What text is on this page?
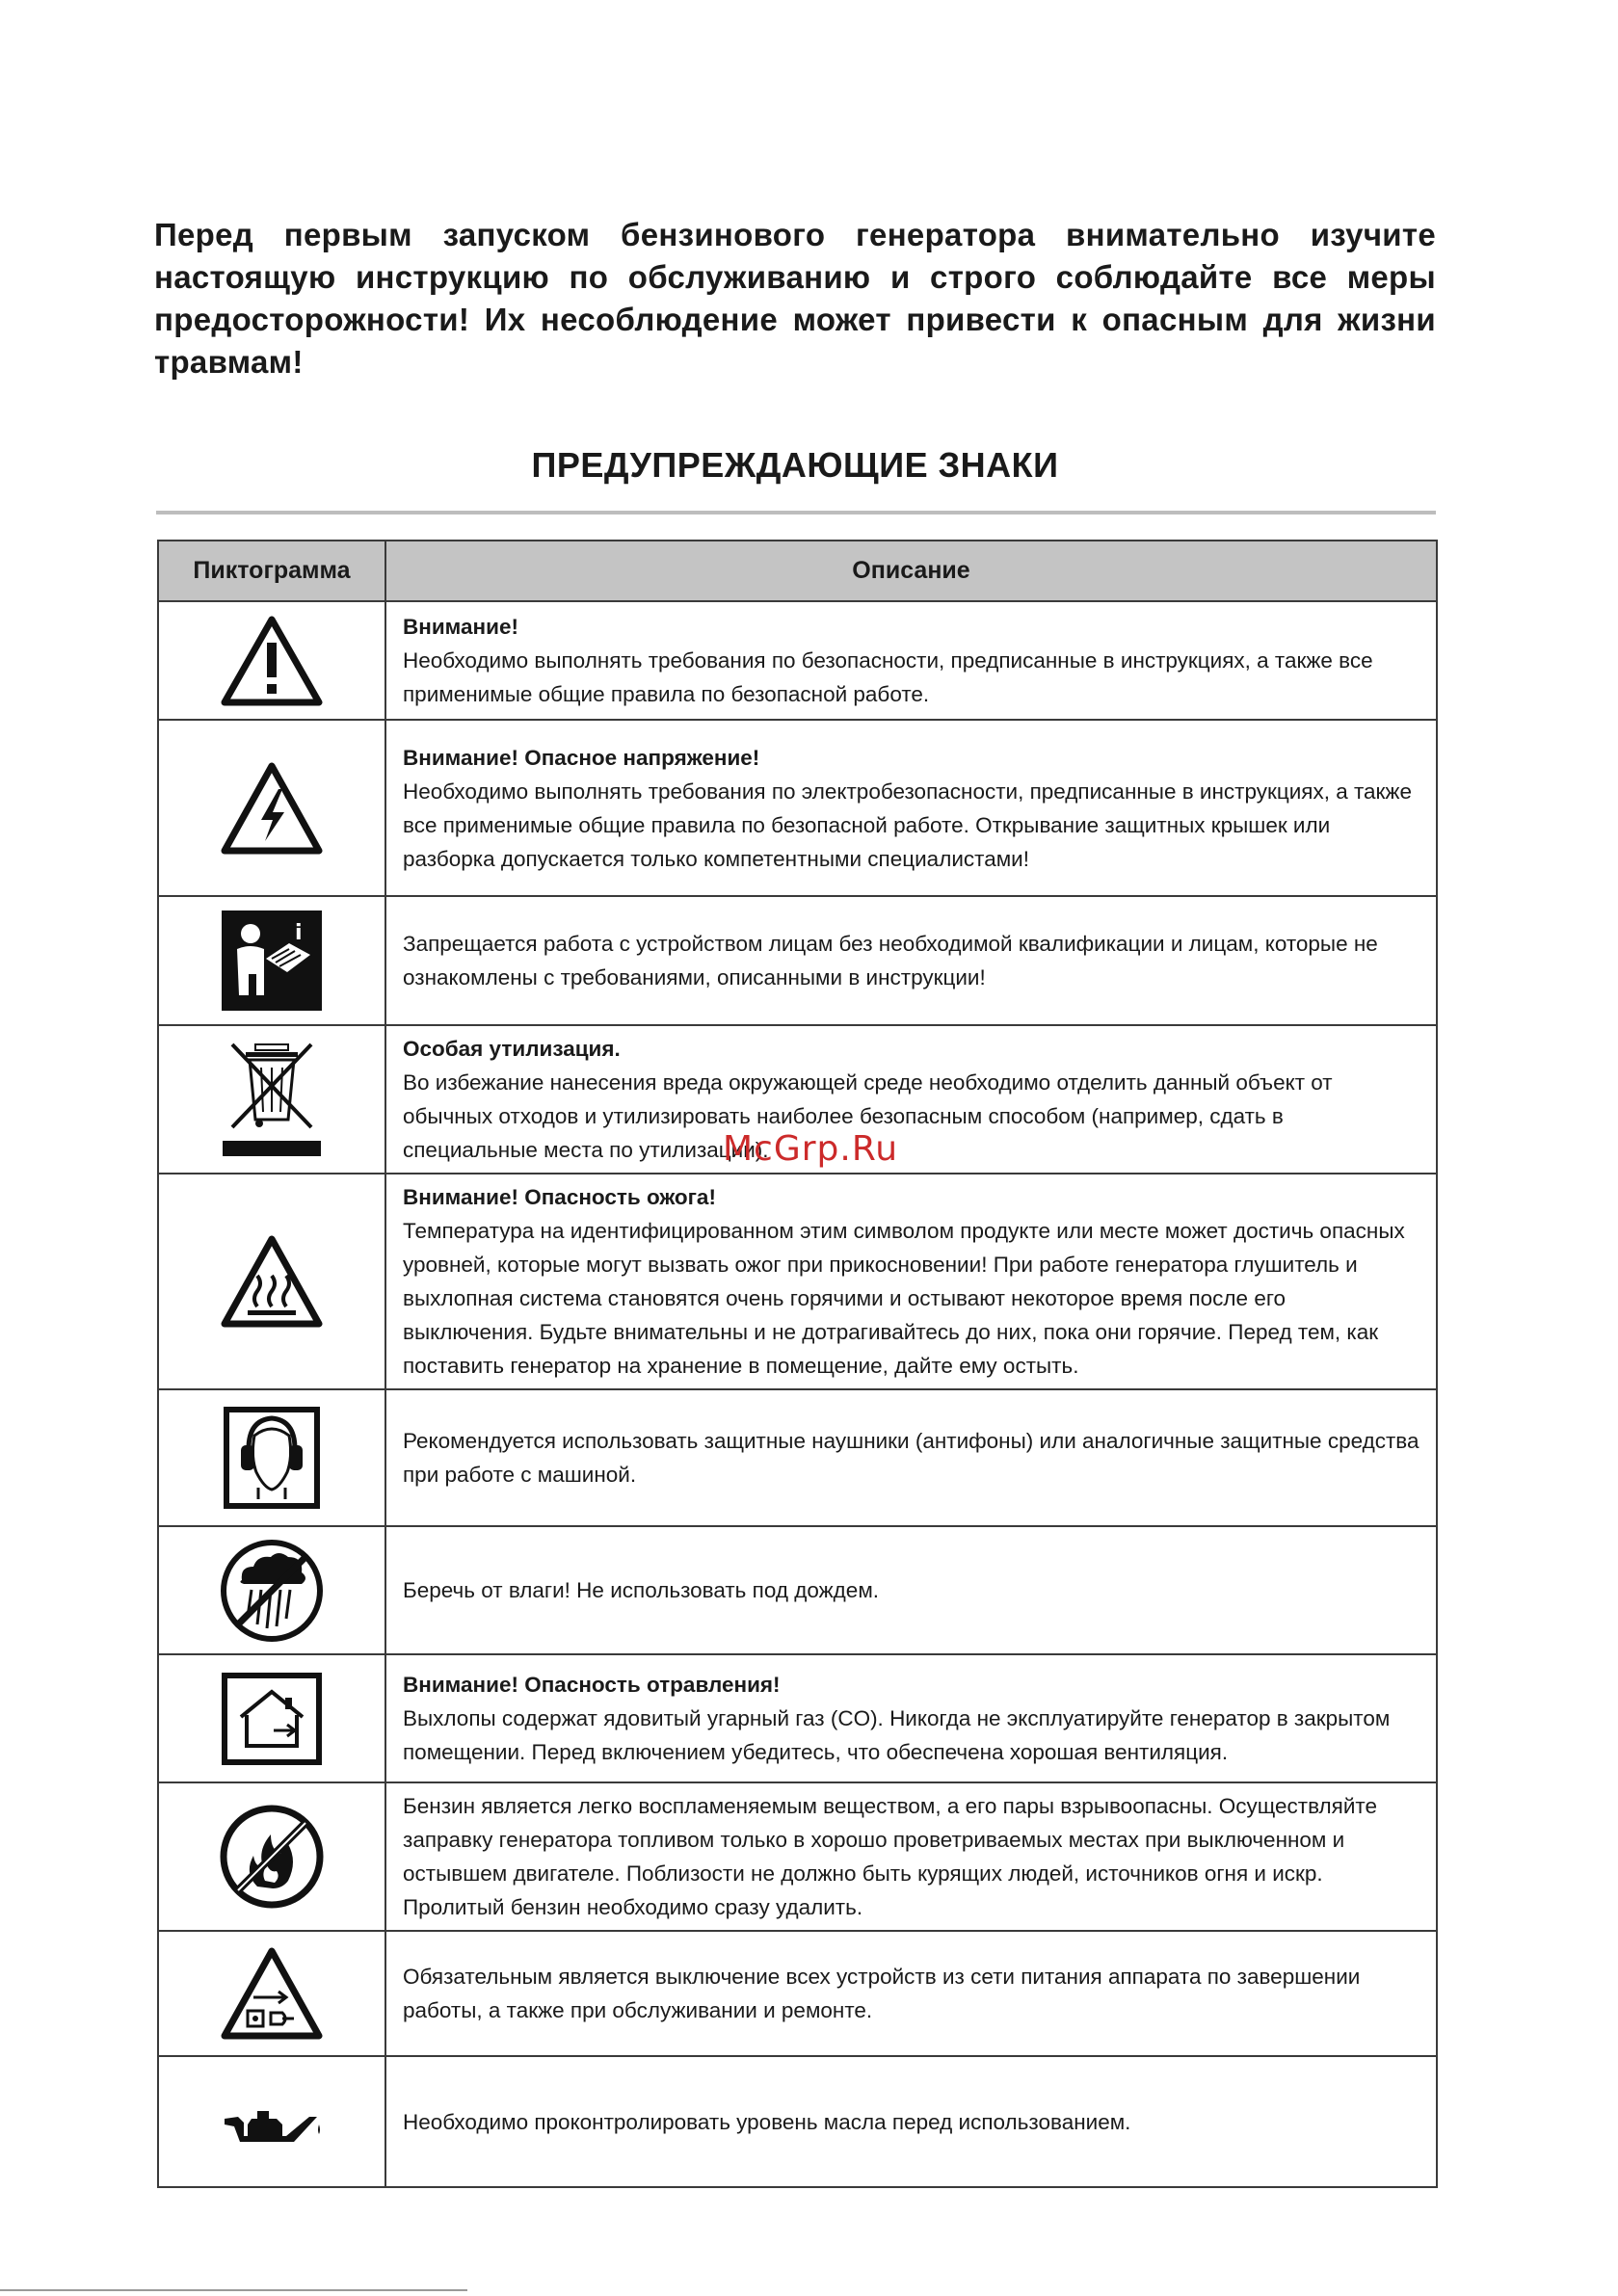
Перед первым запуском бензинового генератора внимательно изучите настоящую инструкцию по обслуживанию и строго соблюдайте все меры предосторожности! Их несоблюдение может привести к опасным для жизни травмам!
ПРЕДУПРЕЖДАЮЩИЕ ЗНАКИ
Пиктограмма	Описание

Внимание!
Необходимо выполнять требования по безопасности, предписанные в инструкциях, а также все применимые общие правила по безопасной работе.

Внимание! Опасное напряжение!
Необходимо выполнять требования по электробезопасности, предписанные в инструкциях, а также все применимые общие правила по безопасной работе. Открывание защитных крышек или разборка допускается только компетентными специалистами!

i	Запрещается работа с устройством лицам без необходимой квалификации и лицам, которые не ознакомлены с требованиями, описанными в инструкции!

Особая утилизация.
Во избежание нанесения вреда окружающей среде необходимо отделить данный объект от обычных отходов и утилизировать наиболее безопасным способом (например, сдать в специальные места по утилизации).

Внимание! Опасность ожога!
Температура на идентифицированном этим символом продукте или месте может достичь опасных уровней, которые могут вызвать ожог при прикосновении! При работе генератора глушитель и выхлопная система становятся очень горячими и остывают некоторое время после его выключения. Будьте внимательны и не дотрагивайтесь до них, пока они горячие. Перед тем, как поставить генератор на хранение в помещение, дайте ему остыть.

Рекомендуется использовать защитные наушники (антифоны) или аналогичные защитные средства при работе с машиной.

Беречь от влаги! Не использовать под дождем.

Внимание! Опасность отравления!
Выхлопы содержат ядовитый угарный газ (CO). Никогда не эксплуатируйте генератор в закрытом помещении. Перед включением убедитесь, что обеспечена хорошая вентиляция.

Бензин является легко воспламеняемым веществом, а его пары взрывоопасны. Осуществляйте заправку генератора топливом только в хорошо проветриваемых местах при выключенном и остывшем двигателе. Поблизости не должно быть курящих людей, источников огня и искр. Пролитый бензин необходимо сразу удалить.

Обязательным является выключение всех устройств из сети питания аппарата по завершении работы, а также при обслуживании и ремонте.

Необходимо проконтролировать уровень масла перед использованием.
McGrp.Ru
